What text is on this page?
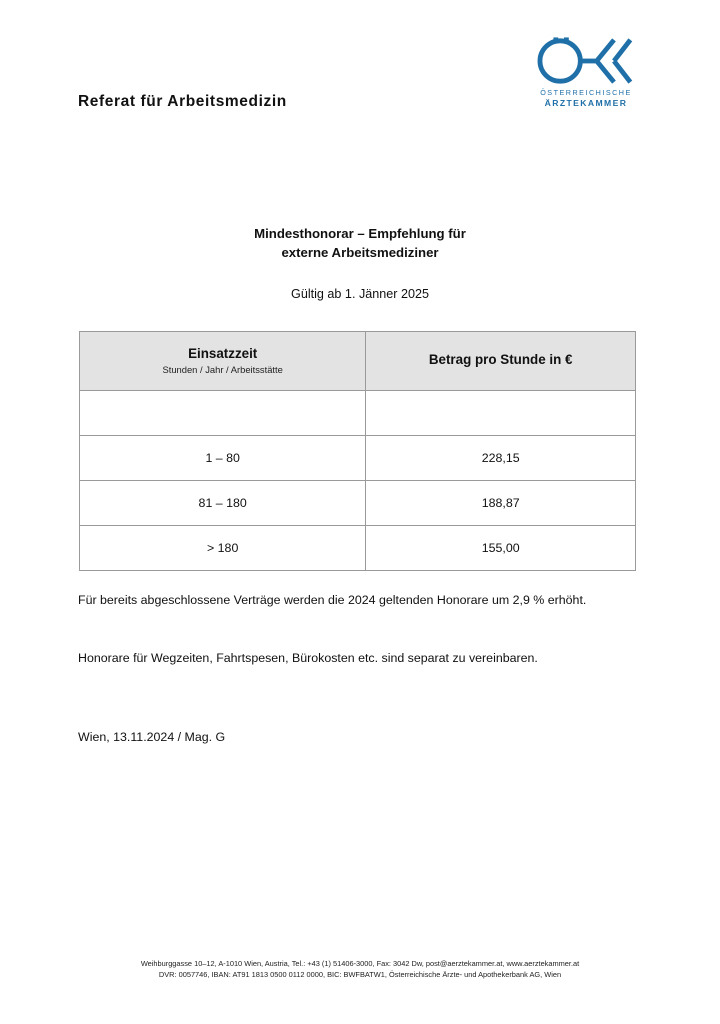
Referat für Arbeitsmedizin
ÖSTERREICHISCHE
ÄRZTEKAMMER
Mindesthonorar – Empfehlung für
externe Arbeitsmediziner
Gültig ab 1. Jänner 2025
Einsatzzeit
Stunden / Jahr / Arbeitsstätte	Betrag pro Stunde in €

1 – 80	228,15
81 – 180	188,87
> 180	155,00
Für bereits abgeschlossene Verträge werden die 2024 geltenden Honorare um 2,9 % erhöht.
Honorare für Wegzeiten, Fahrtspesen, Bürokosten etc. sind separat zu vereinbaren.
Wien, 13.11.2024 / Mag. G
Weihburggasse 10–12, A-1010 Wien, Austria, Tel.: +43 (1) 51406-3000, Fax: 3042 Dw, post@aerztekammer.at, www.aerztekammer.at
DVR: 0057746, IBAN: AT91 1813 0500 0112 0000, BIC: BWFBATW1, Österreichische Ärzte- und Apothekerbank AG, Wien
